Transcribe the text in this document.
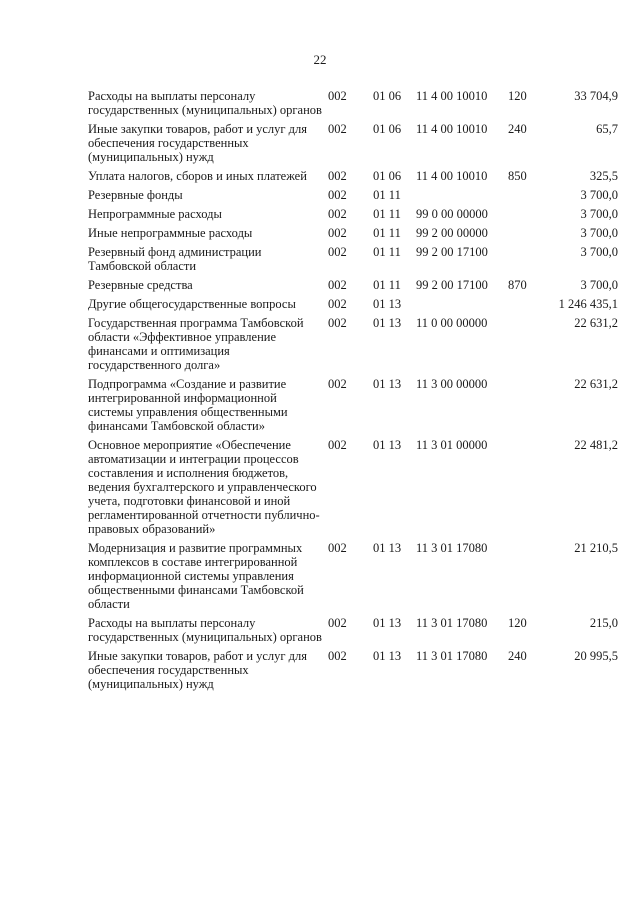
22
Расходы на выплаты персоналу государственных (муниципальных) органов	002	01 06	11 4 00 10010	120	33 704,9
Иные закупки товаров, работ и услуг для обеспечения государственных (муниципальных) нужд	002	01 06	11 4 00 10010	240	65,7
Уплата налогов, сборов и иных платежей	002	01 06	11 4 00 10010	850	325,5
Резервные фонды	002	01 11			3 700,0
Непрограммные расходы	002	01 11	99 0 00 00000		3 700,0
Иные непрограммные расходы	002	01 11	99 2 00 00000		3 700,0
Резервный фонд администрации Тамбовской области	002	01 11	99 2 00 17100		3 700,0
Резервные средства	002	01 11	99 2 00 17100	870	3 700,0
Другие общегосударственные вопросы	002	01 13			1 246 435,1
Государственная программа Тамбовской области «Эффективное управление финансами и оптимизация государственного долга»	002	01 13	11 0 00 00000		22 631,2
Подпрограмма «Создание и развитие интегрированной информационной системы управления общественными финансами Тамбовской области»	002	01 13	11 3 00 00000		22 631,2
Основное мероприятие «Обеспечение автоматизации и интеграции процессов составления и исполнения бюджетов, ведения бухгалтерского и управленческого учета, подготовки финансовой и иной регламентированной отчетности публично-правовых образований»	002	01 13	11 3 01 00000		22 481,2
Модернизация и развитие программных комплексов в составе интегрированной информационной системы управления общественными финансами Тамбовской области	002	01 13	11 3 01 17080		21 210,5
Расходы на выплаты персоналу государственных (муниципальных) органов	002	01 13	11 3 01 17080	120	215,0
Иные закупки товаров, работ и услуг для обеспечения государственных (муниципальных) нужд	002	01 13	11 3 01 17080	240	20 995,5
